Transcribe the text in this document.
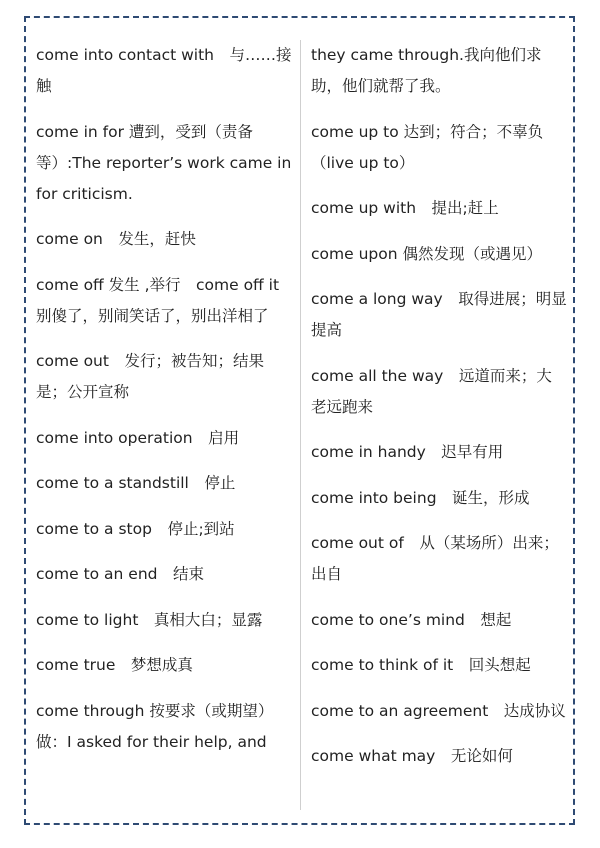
come into contact with　与……接触
come in for 遭到，受到（责备等）:The reporter’s work came in for criticism.
come on　发生，赶快
come off 发生 ,举行　come off it 别傻了，别闹笑话了，别出洋相了
come out　发行；被告知；结果是；公开宣称
come into operation　启用
come to a standstill　停止
come to a stop　停止;到站
come to an end　结束
come to light　真相大白；显露
come true　梦想成真
come through 按要求（或期望）做：I asked for their help, and
they came through.我向他们求助，他们就帮了我。
come up to 达到；符合；不辜负（live up to）
come up with　提出;赶上
come upon 偶然发现（或遇见）
come a long way　取得进展；明显提高
come all the way　远道而来；大老远跑来
come in handy　迟早有用
come into being　诞生，形成
come out of　从（某场所）出来；出自
come to one’s mind　想起
come to think of it　回头想起
come to an agreement　达成协议
come what may　无论如何
